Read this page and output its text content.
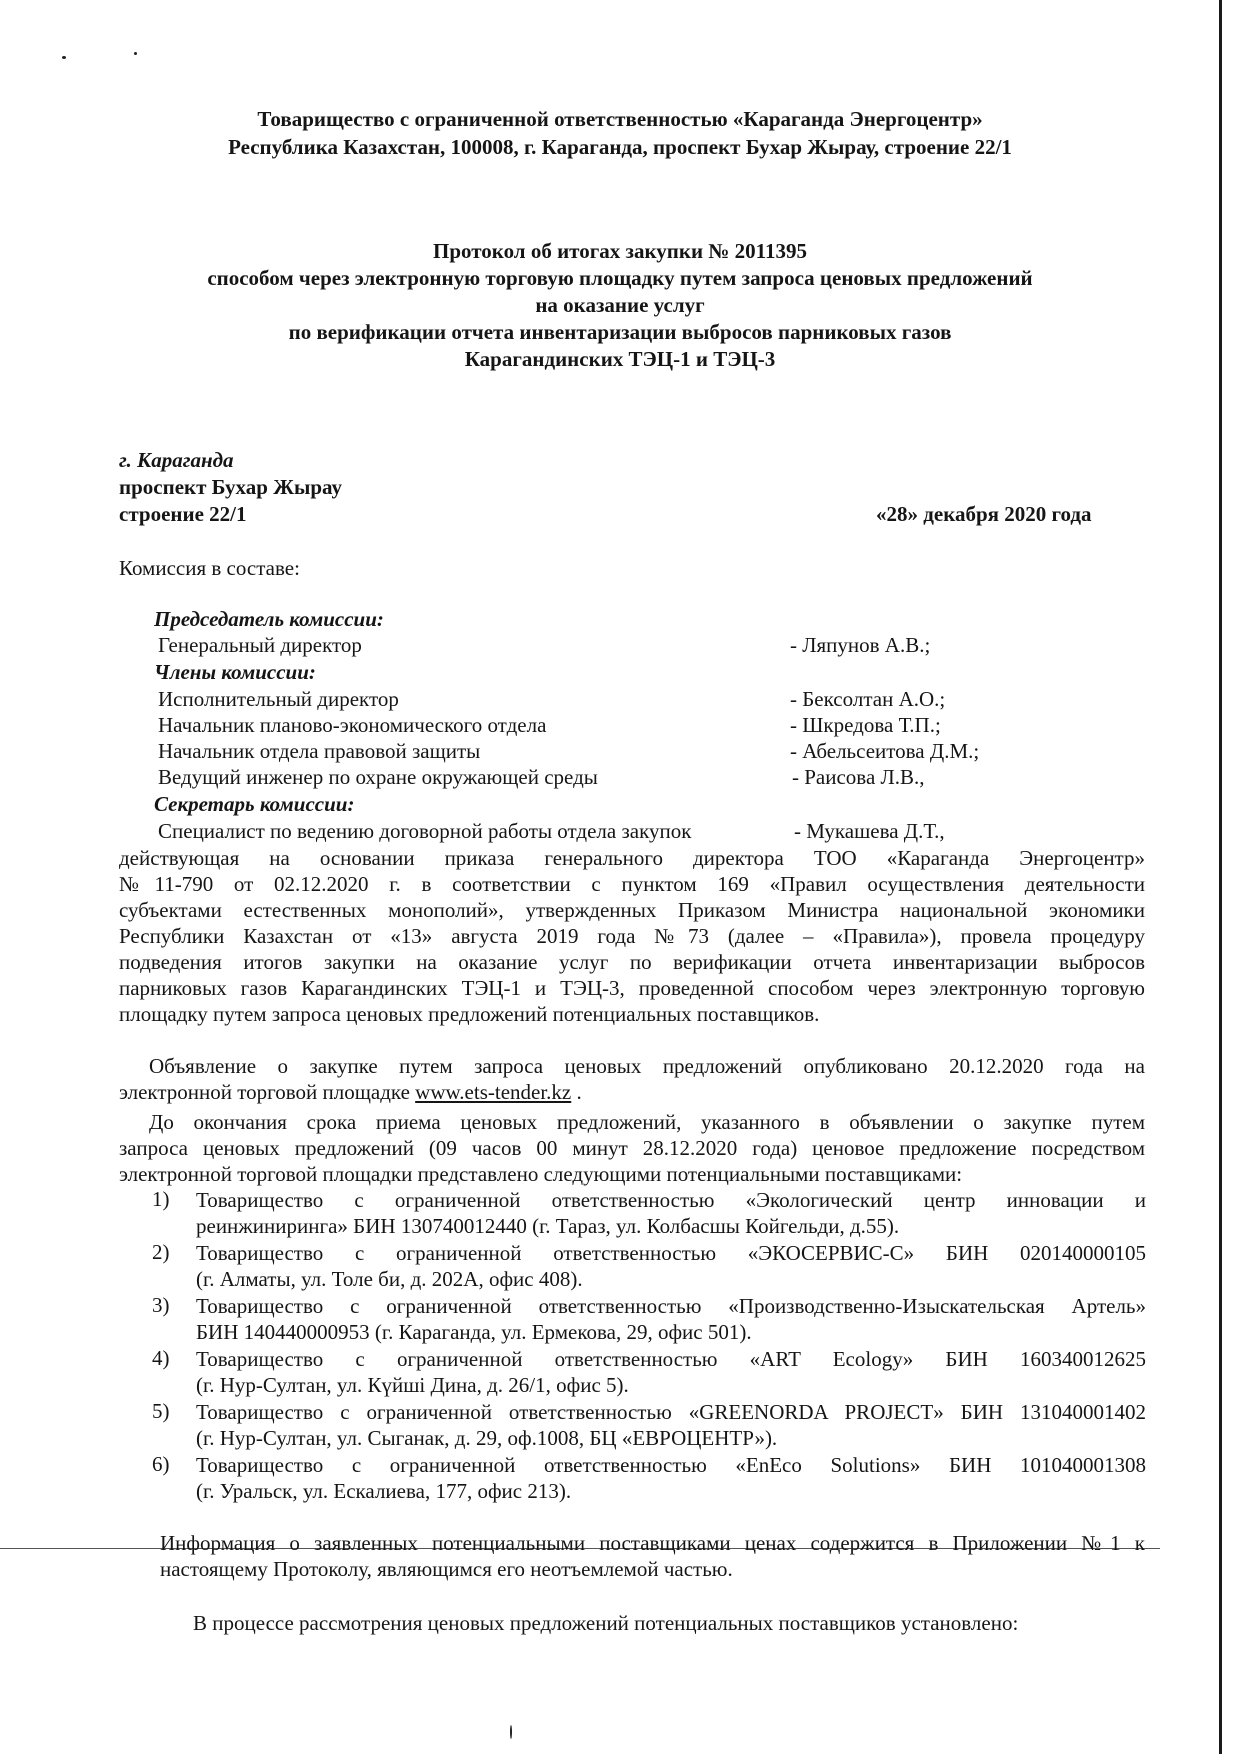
Товарищество с ограниченной ответственностью «Караганда Энергоцентр»
Республика Казахстан, 100008, г. Караганда, проспект Бухар Жырау, строение 22/1
Протокол об итогах закупки № 2011395
способом через электронную торговую площадку путем запроса ценовых предложений
на оказание услуг
по верификации отчета инвентаризации выбросов парниковых газов
Карагандинских ТЭЦ-1 и ТЭЦ-3
г. Караганда
проспект Бухар Жырау
строение 22/1	«28» декабря 2020 года
Комиссия в составе:
Председатель комиссии:
Генеральный директор	- Ляпунов А.В.;
Члены комиссии:
Исполнительный директор	- Бексолтан А.О.;
Начальник планово-экономического отдела	- Шкредова Т.П.;
Начальник отдела правовой защиты	- Абельсеитова Д.М.;
Ведущий инженер по охране окружающей среды	- Раисова Л.В.,
Секретарь комиссии:
Специалист по ведению договорной работы отдела закупок	- Мукашева Д.Т.,
действующая на основании приказа генерального директора ТОО «Караганда Энергоцентр»
№11-790 от 02.12.2020 г. в соответствии с пунктом 169 «Правил осуществления деятельности
субъектами естественных монополий», утвержденных Приказом Министра национальной экономики
Республики Казахстан от «13» августа 2019 года №73 (далее – «Правила»), провела процедуру
подведения итогов закупки на оказание услуг по верификации отчета инвентаризации выбросов
парниковых газов Карагандинских ТЭЦ-1 и ТЭЦ-3, проведенной способом через электронную торговую
площадку путем запроса ценовых предложений потенциальных поставщиков.
Объявление о закупке путем запроса ценовых предложений опубликовано 20.12.2020 года на
электронной торговой площадке www.ets-tender.kz .
До окончания срока приема ценовых предложений, указанного в объявлении о закупке путем
запроса ценовых предложений (09 часов 00 минут 28.12.2020 года) ценовое предложение посредством
электронной торговой площадки представлено следующими потенциальными поставщиками:
1) Товарищество с ограниченной ответственностью «Экологический центр инновации и
реинжиниринга» БИН 130740012440 (г. Тараз, ул. Колбасшы Койгельди, д.55).
2) Товарищество с ограниченной ответственностью «ЭКОСЕРВИС-С» БИН 020140000105
(г. Алматы, ул. Толе би, д. 202А, офис 408).
3) Товарищество с ограниченной ответственностью «Производственно-Изыскательская Артель»
БИН 140440000953 (г. Караганда, ул. Ермекова, 29, офис 501).
4) Товарищество с ограниченной ответственностью «ART Ecology» БИН 160340012625
(г. Нур-Султан, ул. Күйші Дина, д. 26/1, офис 5).
5) Товарищество с ограниченной ответственностью «GREENORDA PROJECT» БИН 131040001402
(г. Нур-Султан, ул. Сыганак, д. 29, оф.1008, БЦ «ЕВРОЦЕНТР»).
6) Товарищество с ограниченной ответственностью «EnEco Solutions» БИН 101040001308
(г. Уральск, ул. Ескалиева, 177, офис 213).
Информация о заявленных потенциальными поставщиками ценах содержится в Приложении №1 к
настоящему Протоколу, являющимся его неотъемлемой частью.
В процессе рассмотрения ценовых предложений потенциальных поставщиков установлено:
